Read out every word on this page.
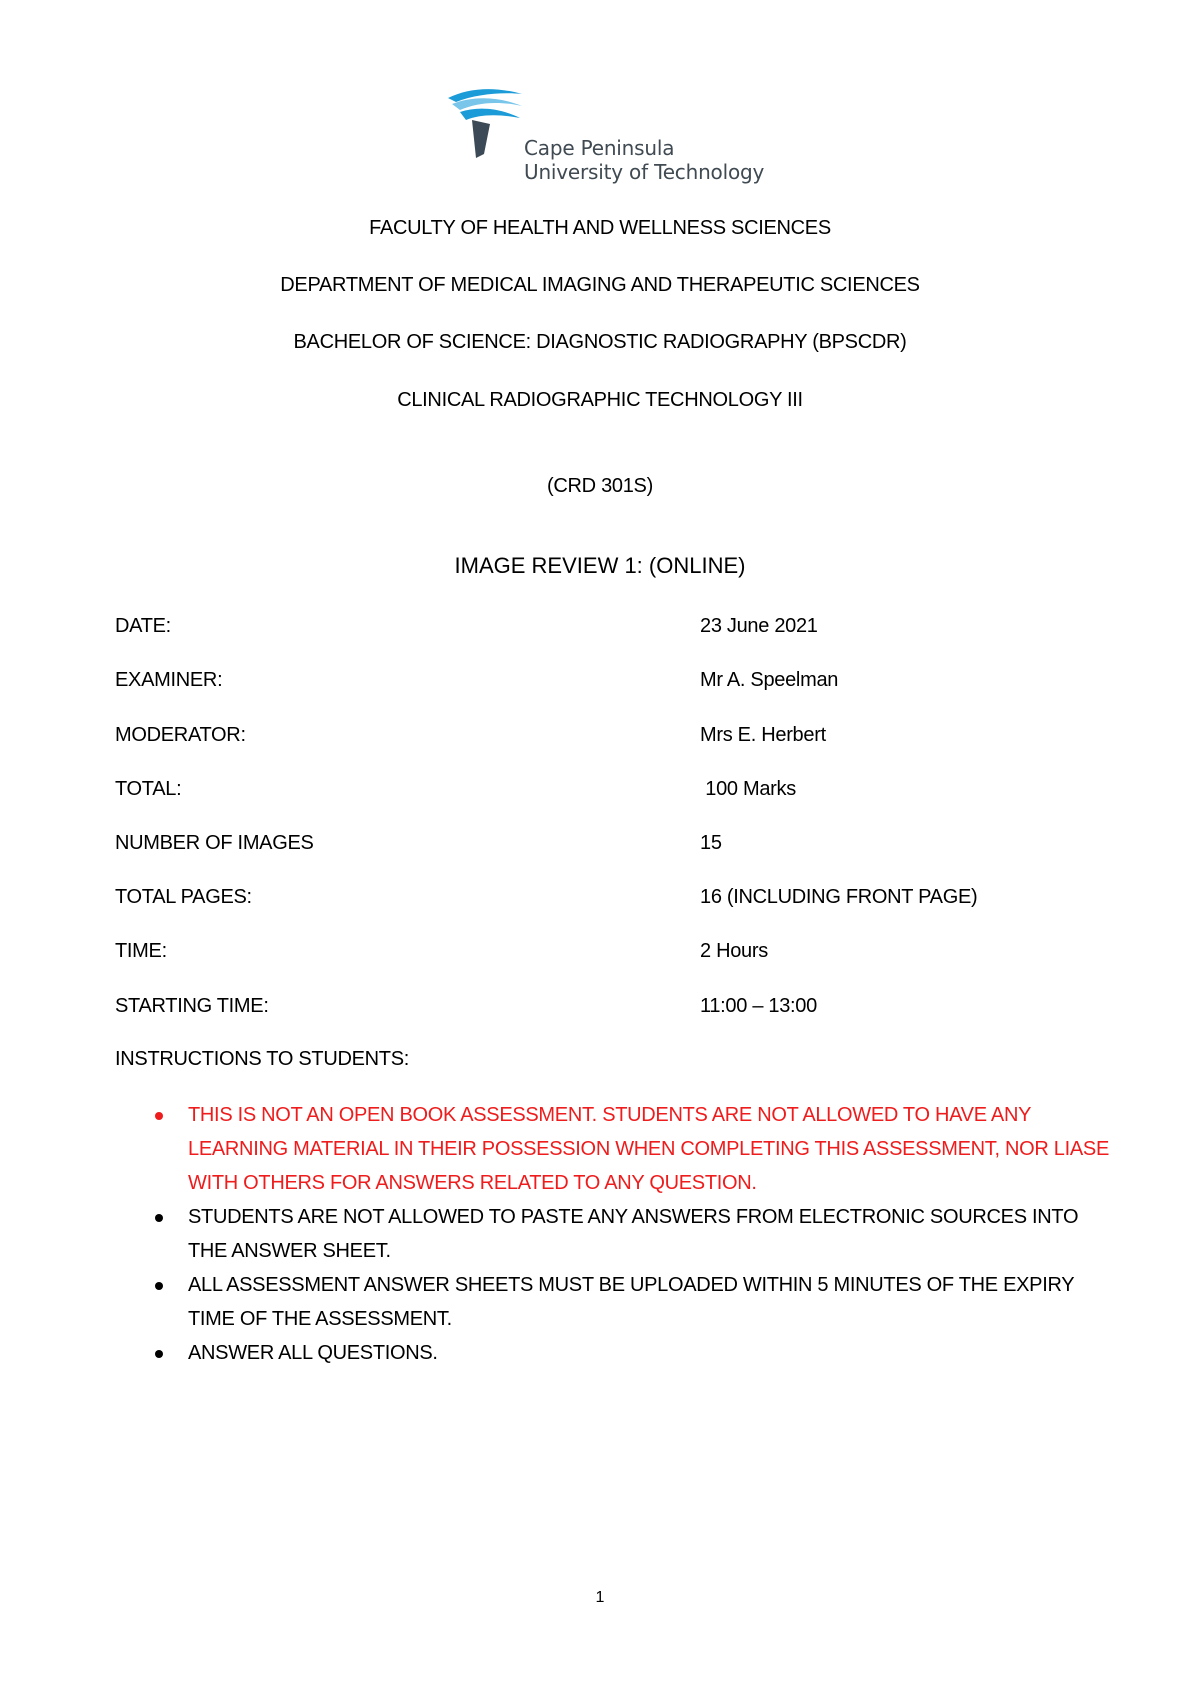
Cape Peninsula
University of Technology
FACULTY OF HEALTH AND WELLNESS SCIENCES
DEPARTMENT OF MEDICAL IMAGING AND THERAPEUTIC SCIENCES
BACHELOR OF SCIENCE: DIAGNOSTIC RADIOGRAPHY (BPSCDR)
CLINICAL RADIOGRAPHIC TECHNOLOGY III
(CRD 301S)
IMAGE REVIEW 1: (ONLINE)
DATE:	23 June 2021
EXAMINER:	Mr A. Speelman
MODERATOR:	Mrs E. Herbert
TOTAL:	100 Marks
NUMBER OF IMAGES	15
TOTAL PAGES:	16 (INCLUDING FRONT PAGE)
TIME:	2 Hours
STARTING TIME:	11:00 – 13:00
INSTRUCTIONS TO STUDENTS:
THIS IS NOT AN OPEN BOOK ASSESSMENT. STUDENTS ARE NOT ALLOWED TO HAVE ANY LEARNING MATERIAL IN THEIR POSSESSION WHEN COMPLETING THIS ASSESSMENT, NOR LIASE WITH OTHERS FOR ANSWERS RELATED TO ANY QUESTION.
STUDENTS ARE NOT ALLOWED TO PASTE ANY ANSWERS FROM ELECTRONIC SOURCES INTO THE ANSWER SHEET.
ALL ASSESSMENT ANSWER SHEETS MUST BE UPLOADED WITHIN 5 MINUTES OF THE EXPIRY TIME OF THE ASSESSMENT.
ANSWER ALL QUESTIONS.
1
